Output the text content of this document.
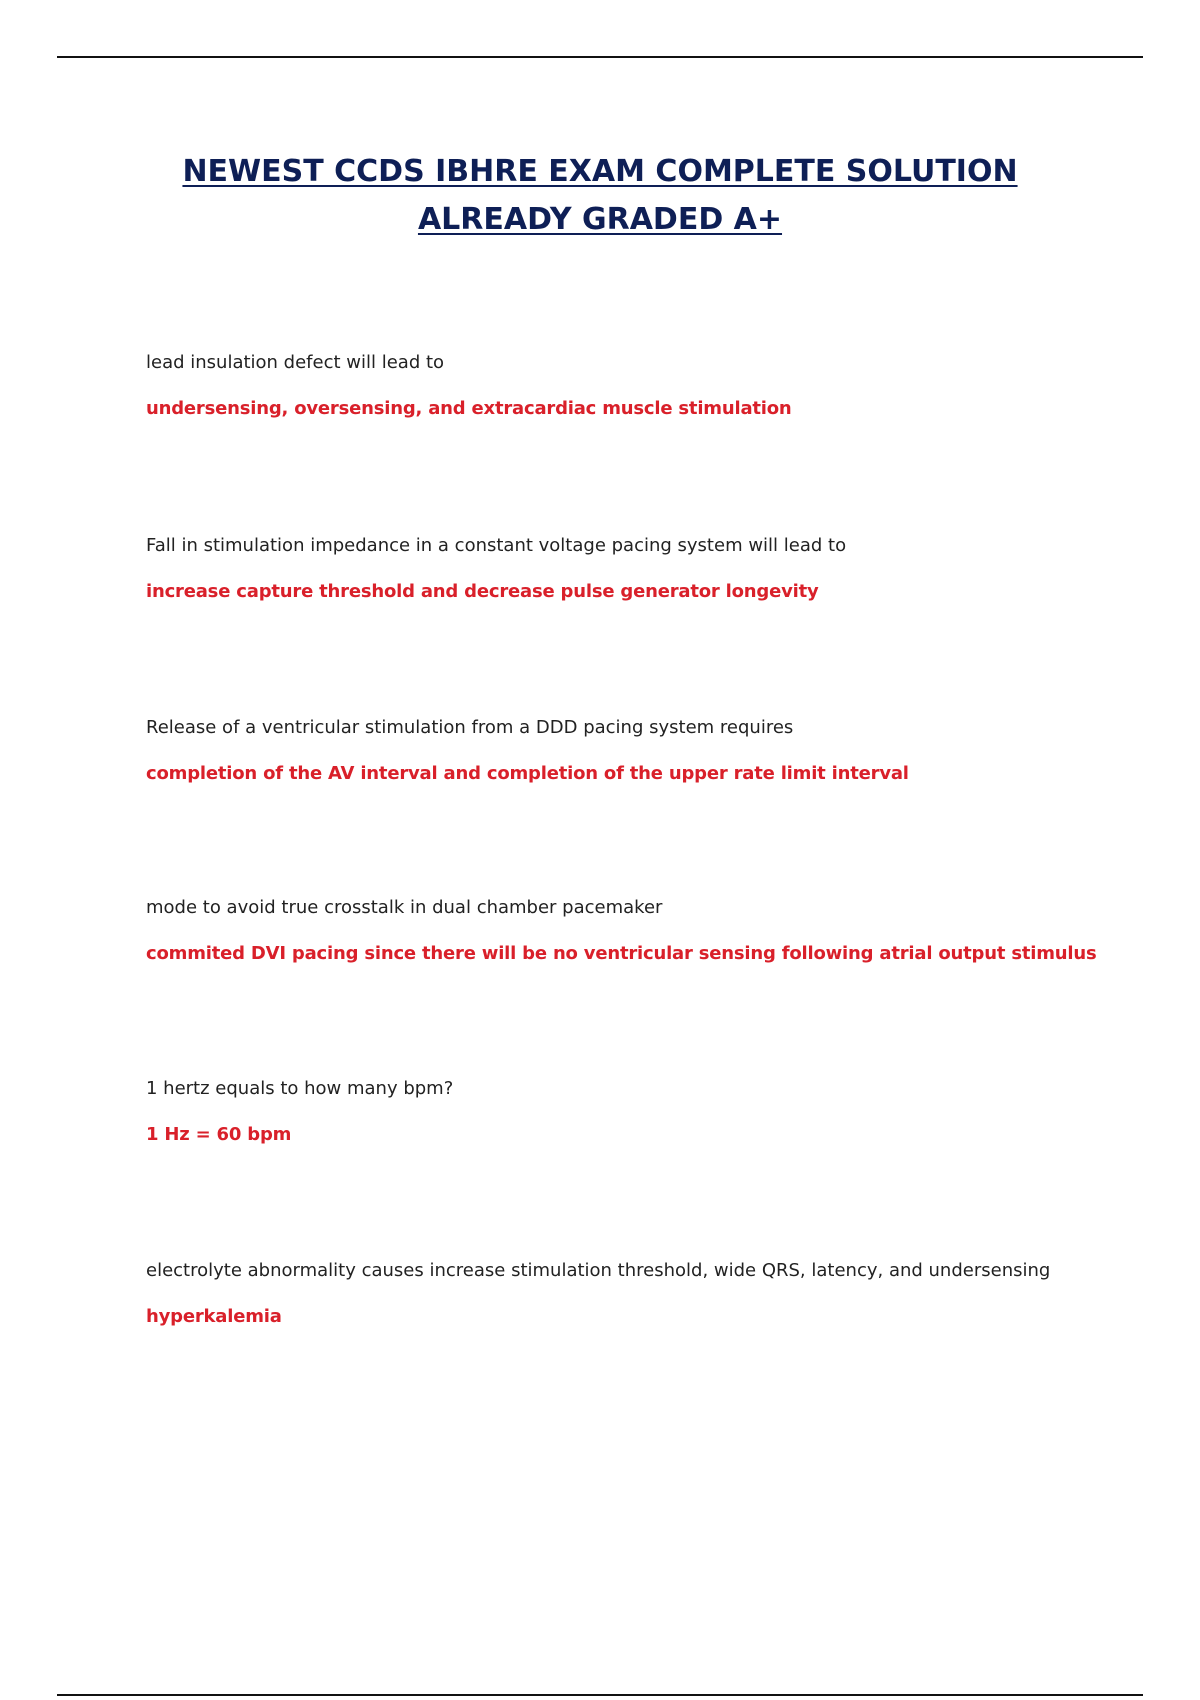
NEWEST CCDS IBHRE EXAM COMPLETE SOLUTION
ALREADY GRADED A+
lead insulation defect will lead to
undersensing, oversensing, and extracardiac muscle stimulation
Fall in stimulation impedance in a constant voltage pacing system will lead to
increase capture threshold and decrease pulse generator longevity
Release of a ventricular stimulation from a DDD pacing system requires
completion of the AV interval and completion of the upper rate limit interval
mode to avoid true crosstalk in dual chamber pacemaker
commited DVI pacing since there will be no ventricular sensing following atrial output stimulus
1 hertz equals to how many bpm?
1 Hz = 60 bpm
electrolyte abnormality causes increase stimulation threshold, wide QRS, latency, and undersensing
hyperkalemia
